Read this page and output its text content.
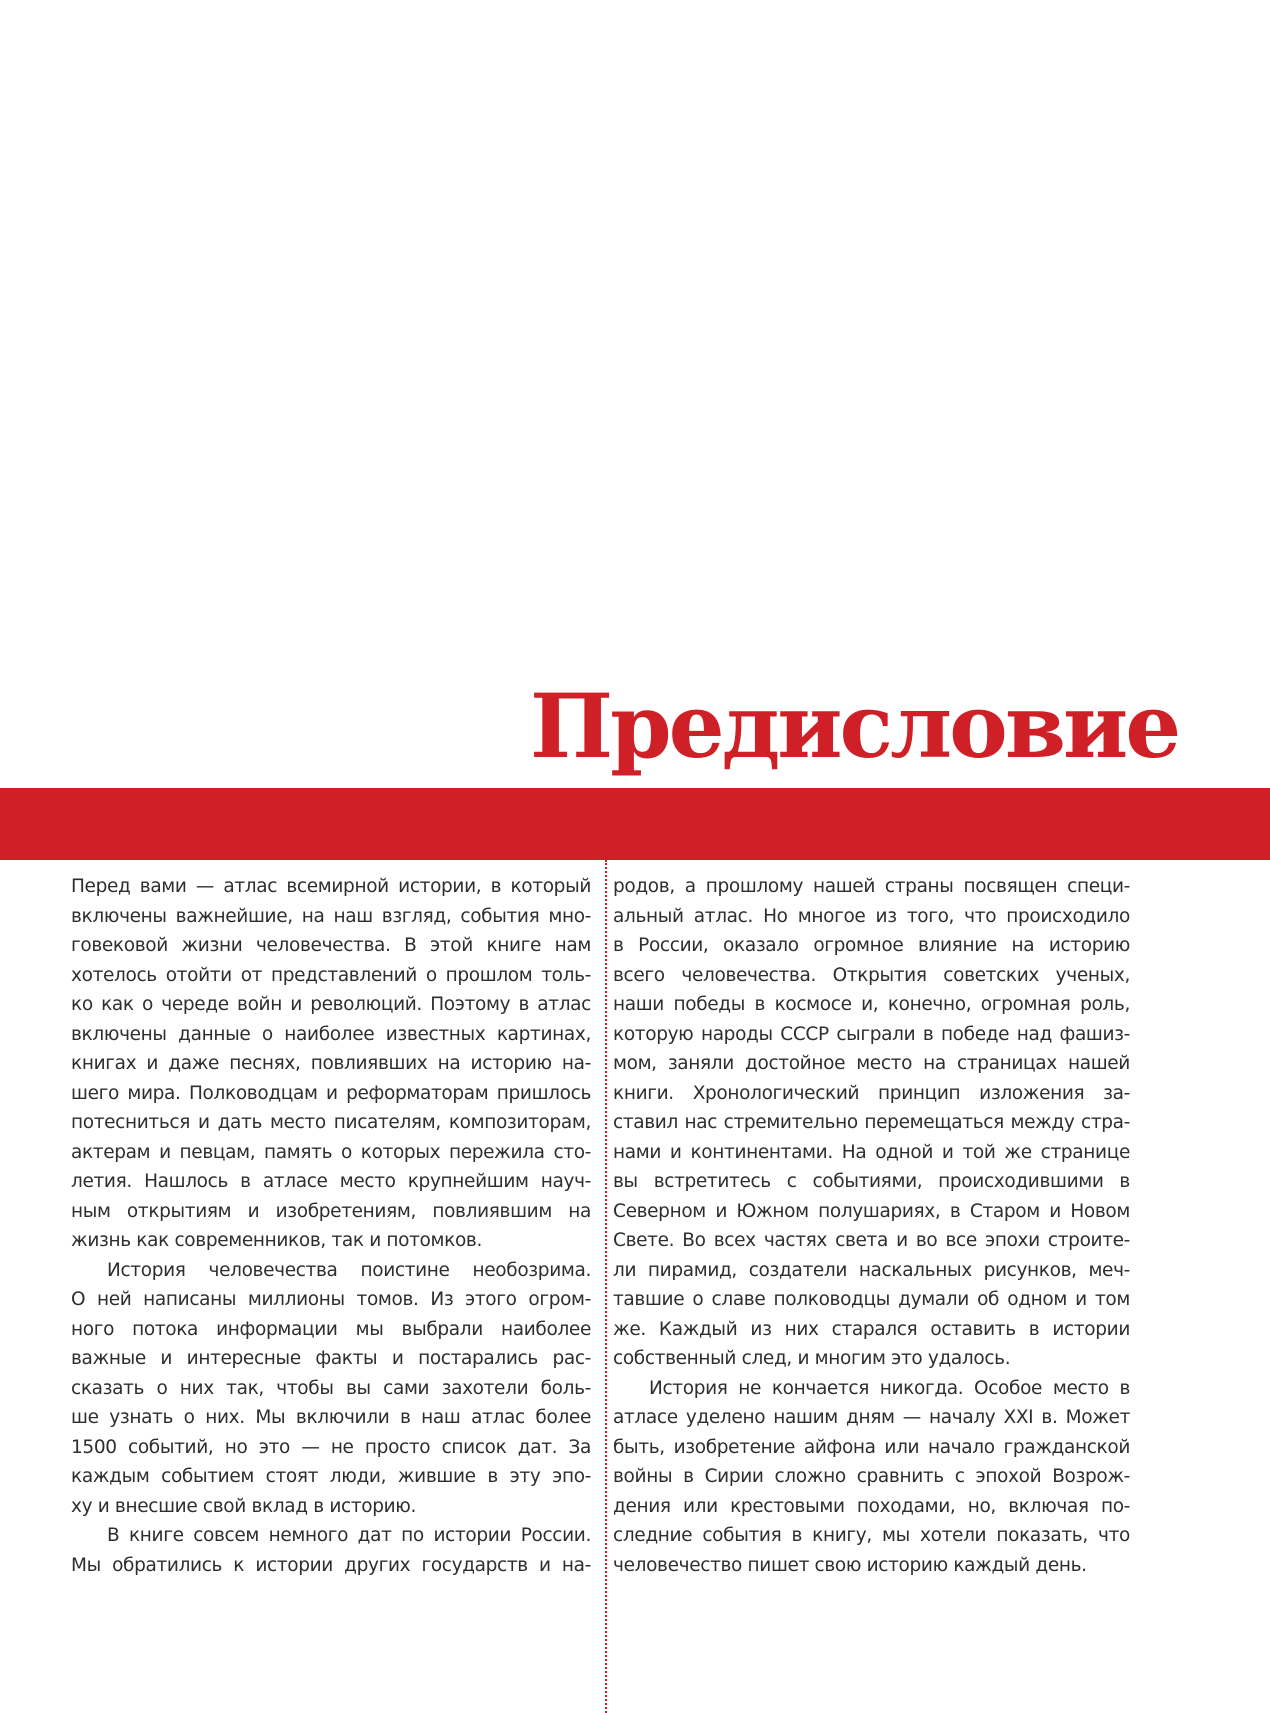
Предисловие
Перед вами — атлас всемирной истории, в который
включены важнейшие, на наш взгляд, события мно-
говековой жизни человечества. В этой книге нам
хотелось отойти от представлений о прошлом толь-
ко как о череде войн и революций. Поэтому в атлас
включены данные о наиболее известных картинах,
книгах и даже песнях, повлиявших на историю на-
шего мира. Полководцам и реформаторам пришлось
потесниться и дать место писателям, композиторам,
актерам и певцам, память о которых пережила сто-
летия. Нашлось в атласе место крупнейшим науч-
ным открытиям и изобретениям, повлиявшим на
жизнь как современников, так и потомков.
История человечества поистине необозрима.
О ней написаны миллионы томов. Из этого огром-
ного потока информации мы выбрали наиболее
важные и интересные факты и постарались рас-
сказать о них так, чтобы вы сами захотели боль-
ше узнать о них. Мы включили в наш атлас более
1500 событий, но это — не просто список дат. За
каждым событием стоят люди, жившие в эту эпо-
ху и внесшие свой вклад в историю.
В книге совсем немного дат по истории России.
Мы обратились к истории других государств и на-
родов, а прошлому нашей страны посвящен специ-
альный атлас. Но многое из того, что происходило
в России, оказало огромное влияние на историю
всего человечества. Открытия советских ученых,
наши победы в космосе и, конечно, огромная роль,
которую народы СССР сыграли в победе над фашиз-
мом, заняли достойное место на страницах нашей
книги. Хронологический принцип изложения за-
ставил нас стремительно перемещаться между стра-
нами и континентами. На одной и той же странице
вы встретитесь с событиями, происходившими в
Северном и Южном полушариях, в Старом и Новом
Свете. Во всех частях света и во все эпохи строите-
ли пирамид, создатели наскальных рисунков, меч-
тавшие о славе полководцы думали об одном и том
же. Каждый из них старался оставить в истории
собственный след, и многим это удалось.
История не кончается никогда. Особое место в
атласе уделено нашим дням — началу XXI в. Может
быть, изобретение айфона или начало гражданской
войны в Сирии сложно сравнить с эпохой Возрож-
дения или крестовыми походами, но, включая по-
следние события в книгу, мы хотели показать, что
человечество пишет свою историю каждый день.
